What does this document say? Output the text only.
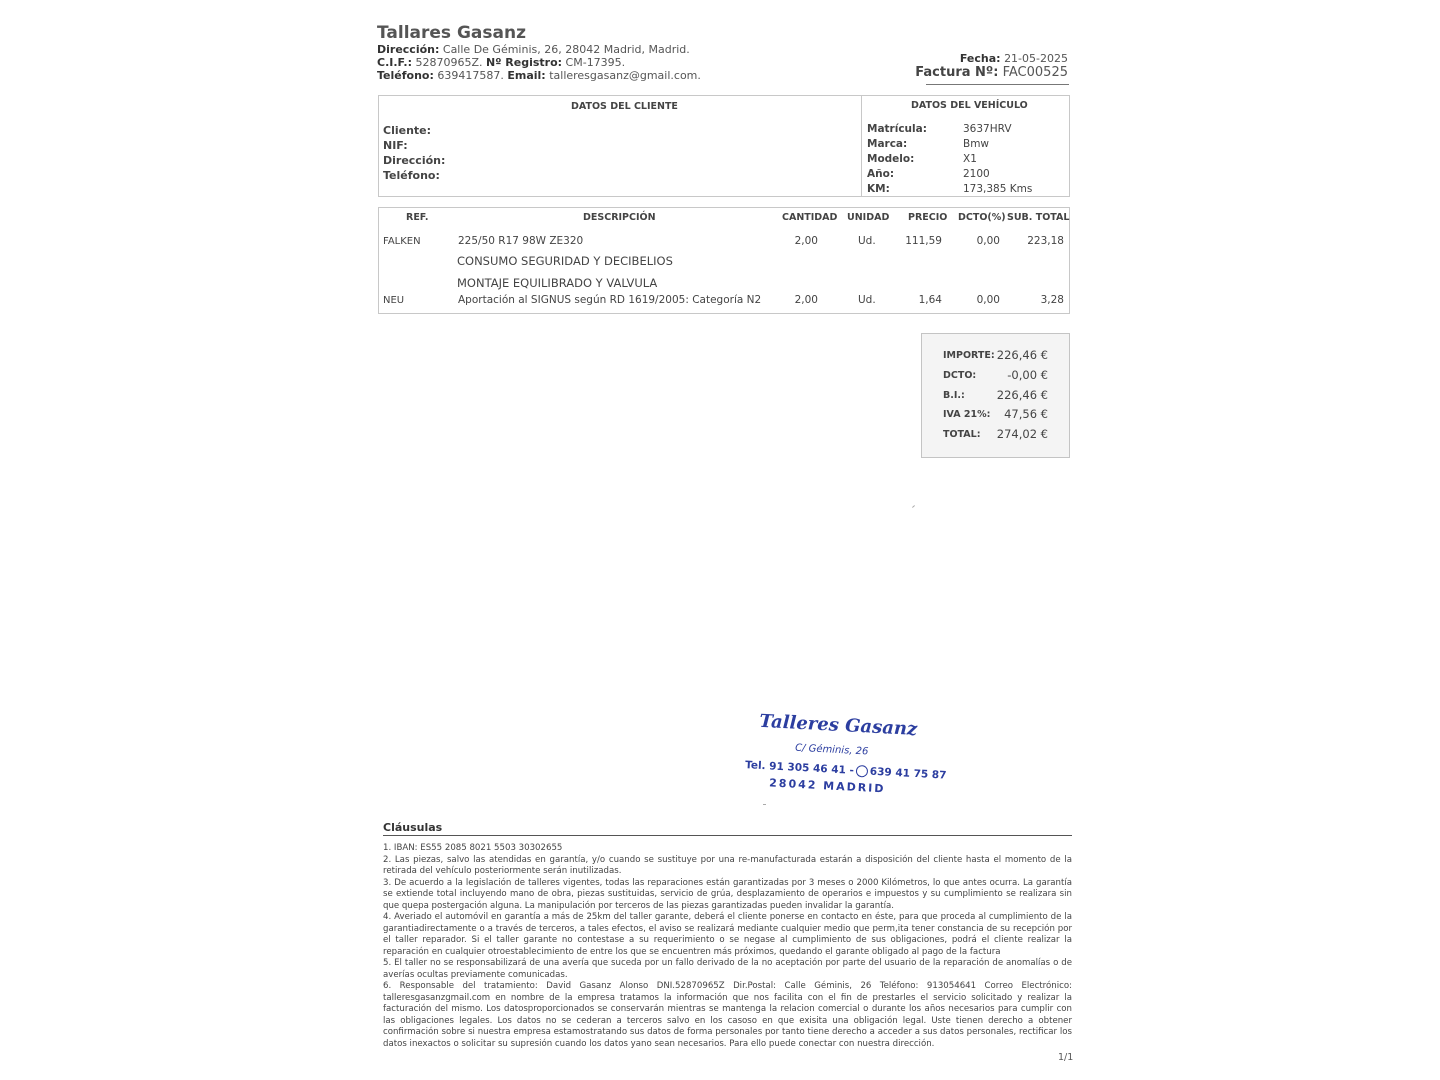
Tallares Gasanz
Dirección: Calle De Géminis, 26, 28042 Madrid, Madrid.
C.I.F.: 52870965Z. Nº Registro: CM-17395.
Teléfono: 639417587. Email: talleresgasanz@gmail.com.
Fecha: 21-05-2025
Factura Nº: FAC00525
DATOS DEL CLIENTE	DATOS DEL VEHÍCULO
Cliente:
NIF:
Dirección:
Teléfono:
Matrícula:	3637HRV
Marca:	Bmw
Modelo:	X1
Año:	2100
KM:	173,385 Kms
REF.	DESCRIPCIÓN	CANTIDAD UNIDAD PRECIO DCTO(%) SUB. TOTAL
FALKEN	225/50 R17 98W ZE320	2,00	Ud.	111,59	0,00	223,18
CONSUMO SEGURIDAD Y DECIBELIOS
MONTAJE EQUILIBRADO Y VALVULA
NEU	Aportación al SIGNUS según RD 1619/2005: Categoría N2	2,00	Ud.	1,64	0,00	3,28
IMPORTE: 226,46 €
DCTO:	-0,00 €
B.I.:	226,46 €
IVA 21%: 47,56 €
TOTAL: 274,02 €
Talleres Gasanz
C/ Géminis, 26
Tel. 91 305 46 41 - 639 41 75 87
28042 MADRID
Cláusulas

1. IBAN: ES55 2085 8021 5503 30302655

2. Las piezas, salvo las atendidas en garantía, y/o cuando se sustituye por una re-manufacturada estarán a disposición del cliente hasta el momento de la retirada del vehículo posteriormente serán inutilizadas.

3. De acuerdo a la legislación de talleres vigentes, todas las reparaciones están garantizadas por 3 meses o 2000 Kilómetros, lo que antes ocurra. La garantía se extiende total incluyendo mano de obra, piezas sustituidas, servicio de grúa, desplazamiento de operarios e impuestos y su cumplimiento se realizara sin que quepa postergación alguna. La manipulación por terceros de las piezas garantizadas pueden invalidar la garantía.

4. Averiado el automóvil en garantía a más de 25km del taller garante, deberá el cliente ponerse en contacto en éste, para que proceda al cumplimiento de la garantiadirectamente o a través de terceros, a tales efectos, el aviso se realizará mediante cualquier medio que perm,ita tener constancia de su recepción por el taller reparador. Si el taller garante no contestase a su requerimiento o se negase al cumplimiento de sus obligaciones, podrá el cliente realizar la reparación en cualquier otroestablecimiento de entre los que se encuentren más próximos, quedando el garante obligado al pago de la factura

5. El taller no se responsabilizará de una avería que suceda por un fallo derivado de la no aceptación por parte del usuario de la reparación de anomalías o de averías ocultas previamente comunicadas.

6. Responsable del tratamiento: David Gasanz Alonso DNI.52870965Z Dir.Postal: Calle Géminis, 26 Teléfono: 913054641 Correo Electrónico: talleresgasanzgmail.com en nombre de la empresa tratamos la información que nos facilita con el fin de prestarles el servicio solicitado y realizar la facturación del mismo. Los datosproporcionados se conservarán mientras se mantenga la relacion comercial o durante los años necesarios para cumplir con las obligaciones legales. Los datos no se cederan a terceros salvo en los casoso en que exisita una obligación legal. Uste tienen derecho a obtener confirmación sobre si nuestra empresa estamostratando sus datos de forma personales por tanto tiene derecho a acceder a sus datos personales, rectificar los datos inexactos o solicitar su supresión cuando los datos yano sean necesarios. Para ello puede conectar con nuestra dirección.

1/1
